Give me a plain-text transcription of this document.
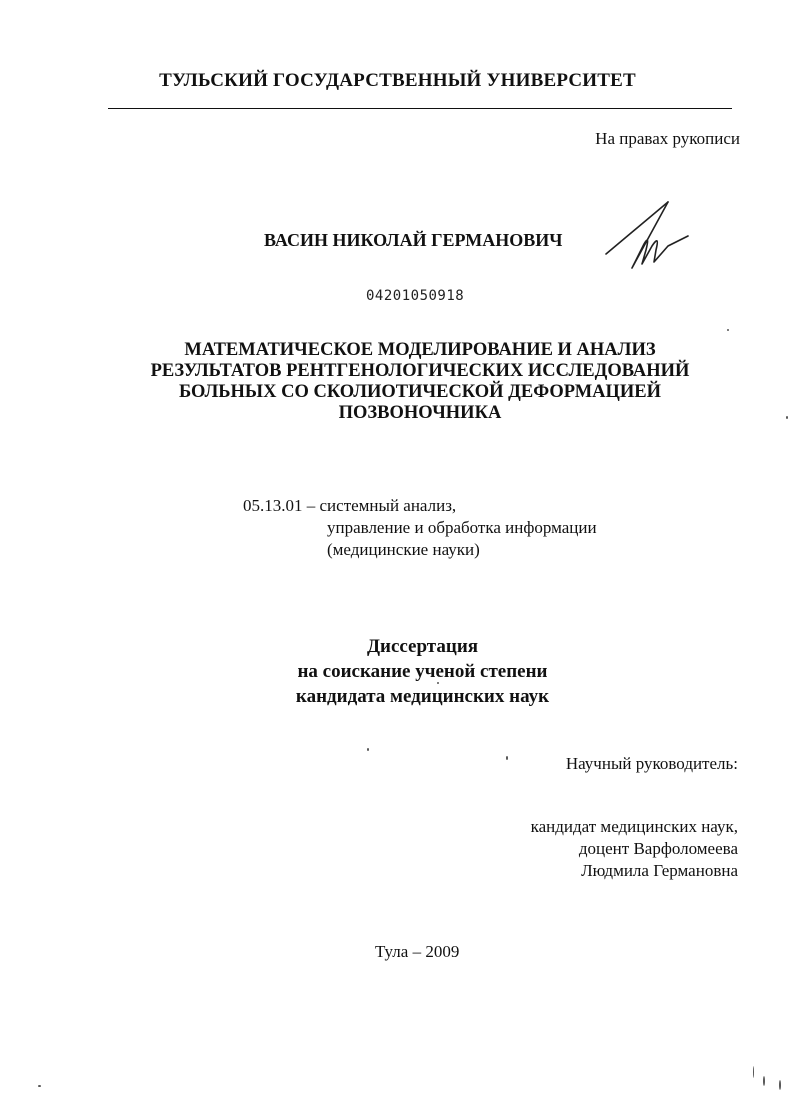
ТУЛЬСКИЙ ГОСУДАРСТВЕННЫЙ УНИВЕРСИТЕТ
На правах рукописи
ВАСИН НИКОЛАЙ ГЕРМАНОВИЧ
04201050918
МАТЕМАТИЧЕСКОЕ МОДЕЛИРОВАНИЕ И АНАЛИЗ
РЕЗУЛЬТАТОВ РЕНТГЕНОЛОГИЧЕСКИХ ИССЛЕДОВАНИЙ
БОЛЬНЫХ СО СКОЛИОТИЧЕСКОЙ ДЕФОРМАЦИЕЙ
ПОЗВОНОЧНИКА
05.13.01 – системный анализ,
управление и обработка информации
(медицинские науки)
Диссертация
на соискание ученой степени
кандидата медицинских наук
Научный руководитель:
кандидат медицинских наук,
доцент Варфоломеева
Людмила Германовна
Тула – 2009
